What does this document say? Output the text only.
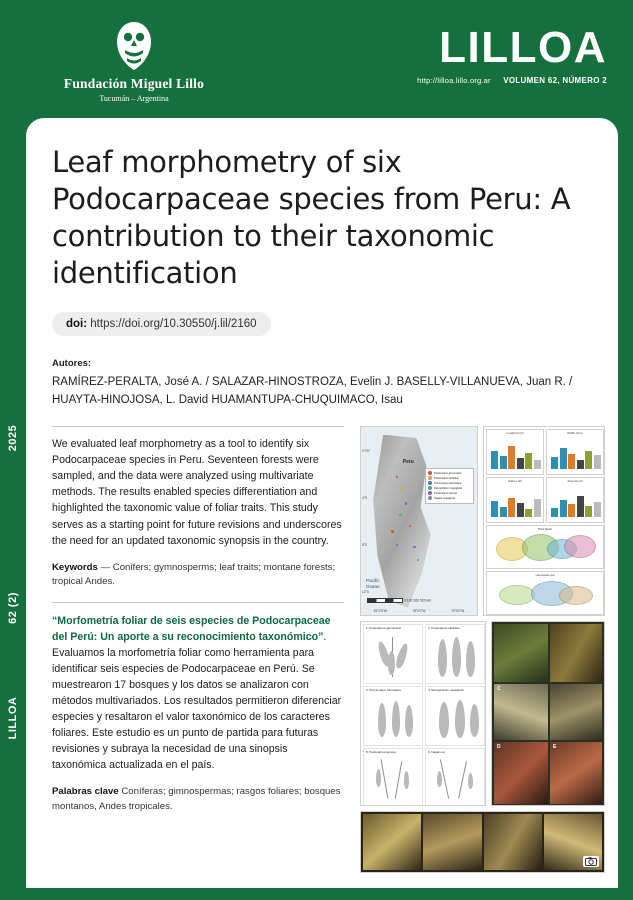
Fundación Miguel Lillo
Tucumán – Argentina
LILLOA
http://lilloa.lillo.org.ar VOLUMEN 62, NÚMERO 2
2025
62 (2)
LILLOA
Leaf morphometry of six Podocarpaceae species from Peru: A contribution to their taxonomic identification
doi: https://doi.org/10.30550/j.lil/2160
Autores:
RAMÍREZ-PERALTA, José A. / SALAZAR-HINOSTROZA, Evelin J. BASELLY-VILLANUEVA, Juan R. / HUAYTA-HINOJOSA, L. David HUAMANTUPA-CHUQUIMACO, Isau
We evaluated leaf morphometry as a tool to identify six Podocarpaceae species in Peru. Seventeen forests were sampled, and the data were analyzed using multivariate methods. The results enabled species differentiation and highlighted the taxonomic value of foliar traits. This study serves as a starting point for future revisions and underscores the need for an updated taxonomic synopsis in the country.
Keywords — Conifers; gymnosperms; leaf traits; montane forests; tropical Andes.
“Morfometría foliar de seis especies de Podocarpaceae del Perú: Un aporte a su reconocimiento taxonómico”. Evaluamos la morfometría foliar como herramienta para identificar seis especies de Podocarpaceae en Perú. Se muestrearon 17 bosques y los datos se analizaron con métodos multivariados. Los resultados permitieron diferenciar especies y resaltaron el valor taxonómico de los caracteres foliares. Este estudio es un punto de partida para futuras revisiones y subraya la necesidad de una sinopsis taxonómica actualizada en el país.
Palabras clave Coníferas; gimnospermas; rasgos foliares; bosques montanos, Andes tropicales.
Peru
Pacific
Ocean
Podocarpus glomeratus
Podocarpus oleifolius
Prumnopitys harmsiana
Retrophyllum rospigliosii
Podocarpus sprucei
Nageia rospigliosii
0 130 260 520 km
81°0'0"W	78°0'0"W	75°0'0"W
0°0'0"
4°S
8°S
12°S
Length (mm)	Width (mm)
Ratio L/W	Area (mm²)
PCA biplot
Canonical plot
1. Podocarpus glomeratus	2. Podocarpus oleifolius
3. Prumnopitys harmsiana	4. Retrophyllum rospigliosii
5. Podocarpus sprucei	6. Nageia sp.
C
D	E
